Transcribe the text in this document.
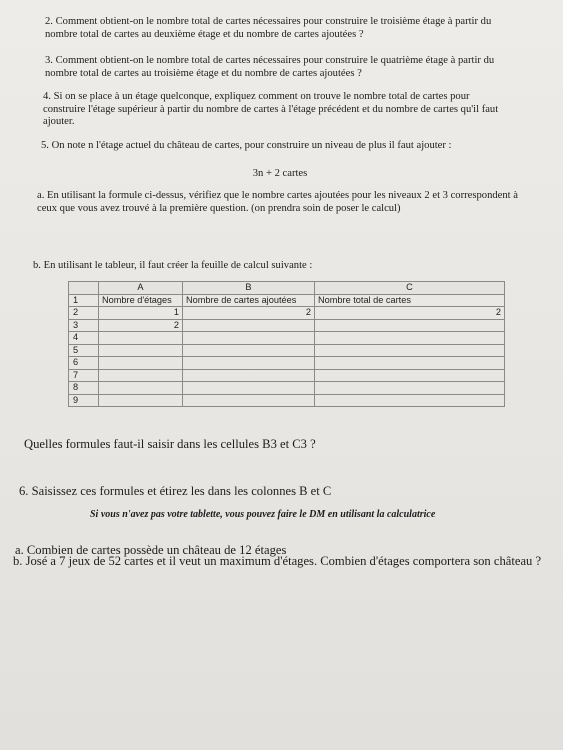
2. Comment obtient-on le nombre total de cartes nécessaires pour construire le troisième étage à partir du nombre total de cartes au deuxième étage et du nombre de cartes ajoutées ?

3. Comment obtient-on le nombre total de cartes nécessaires pour construire le quatrième étage à partir du nombre total de cartes au troisième étage et du nombre de cartes ajoutées ?

4. Si on se place à un étage quelconque, expliquez comment on trouve le nombre total de cartes pour construire l'étage supérieur à partir du nombre de cartes à l'étage précédent et du nombre de cartes qu'il faut ajouter.

5. On note n l'étage actuel du château de cartes, pour construire un niveau de plus il faut ajouter :

3n + 2 cartes

a. En utilisant la formule ci-dessus, vérifiez que le nombre cartes ajoutées pour les niveaux 2 et 3 correspondent à ceux que vous avez trouvé à la première question. (on prendra soin de poser le calcul)

b. En utilisant le tableur, il faut créer la feuille de calcul suivante :

	A	B	C
1	Nombre d'étages	Nombre de cartes ajoutées	Nombre total de cartes
2	1	2	2
3	2		
4			
5			
6			
7			
8			
9			

Quelles formules faut-il saisir dans les cellules B3 et C3 ?

6. Saisissez ces formules et étirez les dans les colonnes B et C

Si vous n'avez pas votre tablette, vous pouvez faire le DM en utilisant la calculatrice

a. Combien de cartes possède un château de 12 étages

b. José a 7 jeux de 52 cartes et il veut un maximum d'étages. Combien d'étages comportera son château ?
